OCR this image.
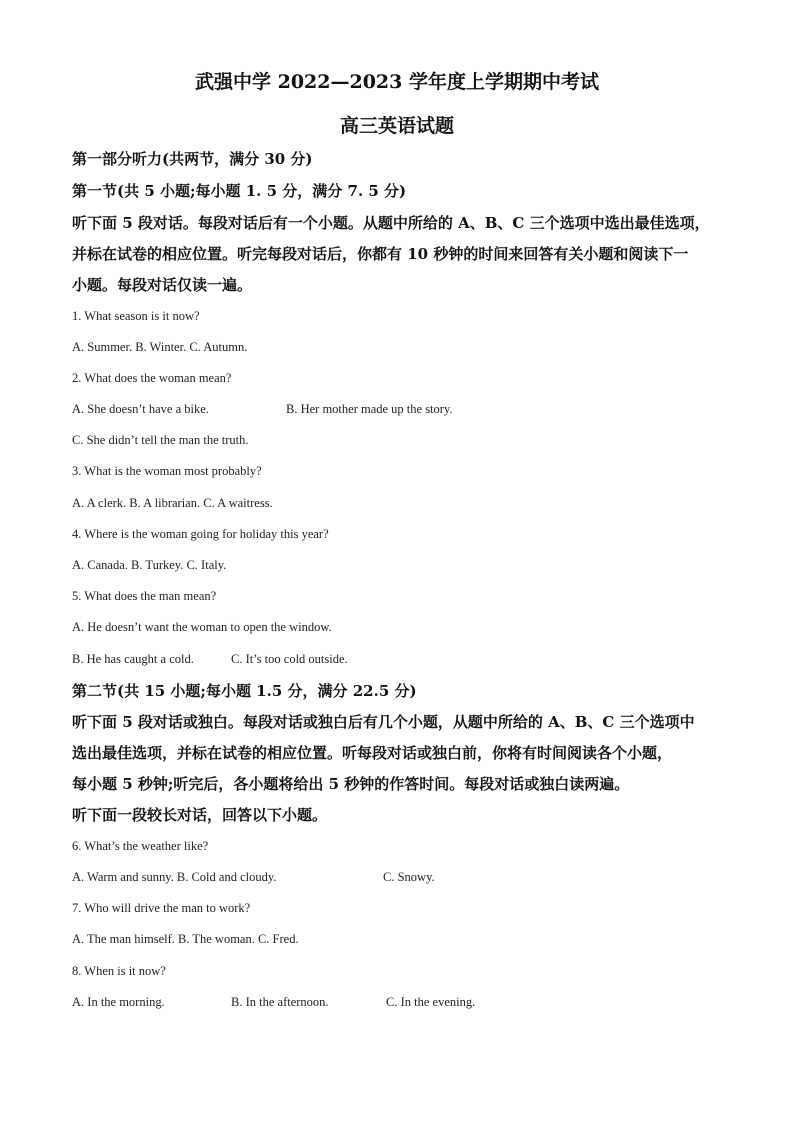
武强中学 2022—2023 学年度上学期期中考试
高三英语试题
第一部分听力(共两节，满分 30 分)
第一节(共 5 小题;每小题 1. 5 分，满分 7. 5 分)
听下面 5 段对话。每段对话后有一个小题。从题中所给的 A、B、C 三个选项中选出最佳选项，
并标在试卷的相应位置。听完每段对话后，你都有 10 秒钟的时间来回答有关小题和阅读下一
小题。每段对话仅读一遍。
1. What season is it now?
A. Summer. B. Winter. C. Autumn.
2. What does the woman mean?
A. She doesn’t have a bike.	B. Her mother made up the story.
C. She didn’t tell the man the truth.
3. What is the woman most probably?
A. A clerk. B. A librarian. C. A waitress.
4. Where is the woman going for holiday this year?
A. Canada. B. Turkey. C. Italy.
5. What does the man mean?
A. He doesn’t want the woman to open the window.
B. He has caught a cold.	C. It’s too cold outside.
第二节(共 15 小题;每小题 1.5 分，满分 22.5 分)
听下面 5 段对话或独白。每段对话或独白后有几个小题，从题中所给的 A、B、C 三个选项中
选出最佳选项，并标在试卷的相应位置。听每段对话或独白前，你将有时间阅读各个小题，
每小题 5 秒钟;听完后，各小题将给出 5 秒钟的作答时间。每段对话或独白读两遍。
听下面一段较长对话，回答以下小题。
6. What’s the weather like?
A. Warm and sunny. B. Cold and cloudy.	C. Snowy.
7. Who will drive the man to work?
A. The man himself. B. The woman. C. Fred.
8. When is it now?
A. In the morning.	B. In the afternoon.	C. In the evening.
